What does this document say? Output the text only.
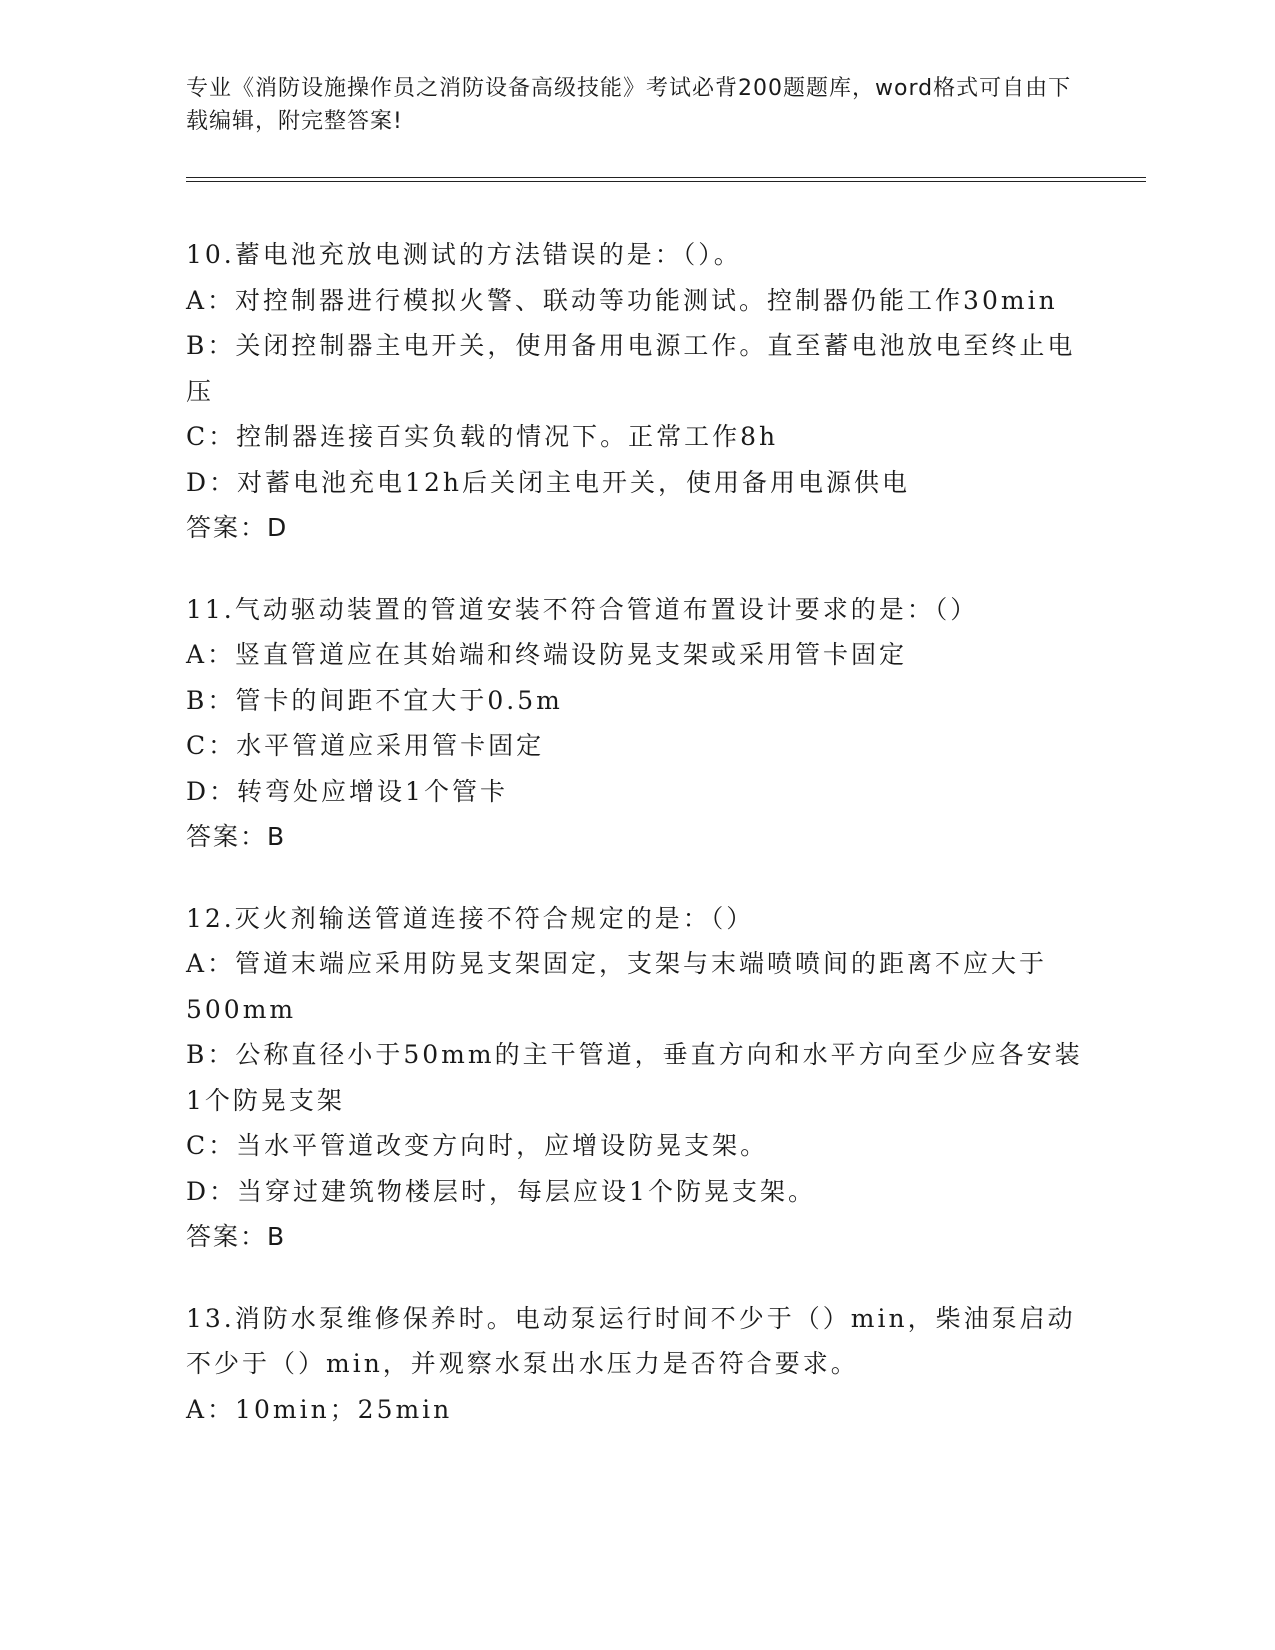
专业《消防设施操作员之消防设备高级技能》考试必背200题题库，word格式可自由下载编辑，附完整答案!
10.蓄电池充放电测试的方法错误的是：（）。
A：对控制器进行模拟火警、联动等功能测试。控制器仍能工作30min
B：关闭控制器主电开关，使用备用电源工作。直至蓄电池放电至终止电压
C：控制器连接百实负载的情况下。正常工作8h
D：对蓄电池充电12h后关闭主电开关，使用备用电源供电
答案：D
11.气动驱动装置的管道安装不符合管道布置设计要求的是：（）
A：竖直管道应在其始端和终端设防晃支架或采用管卡固定
B：管卡的间距不宜大于0.5m
C：水平管道应采用管卡固定
D：转弯处应增设1个管卡
答案：B
12.灭火剂输送管道连接不符合规定的是：（）
A：管道末端应采用防晃支架固定，支架与末端喷喷间的距离不应大于500mm
B：公称直径小于50mm的主干管道，垂直方向和水平方向至少应各安装1个防晃支架
C：当水平管道改变方向时，应增设防晃支架。
D：当穿过建筑物楼层时，每层应设1个防晃支架。
答案：B
13.消防水泵维修保养时。电动泵运行时间不少于（）min，柴油泵启动不少于（）min，并观察水泵出水压力是否符合要求。
A：10min；25min
